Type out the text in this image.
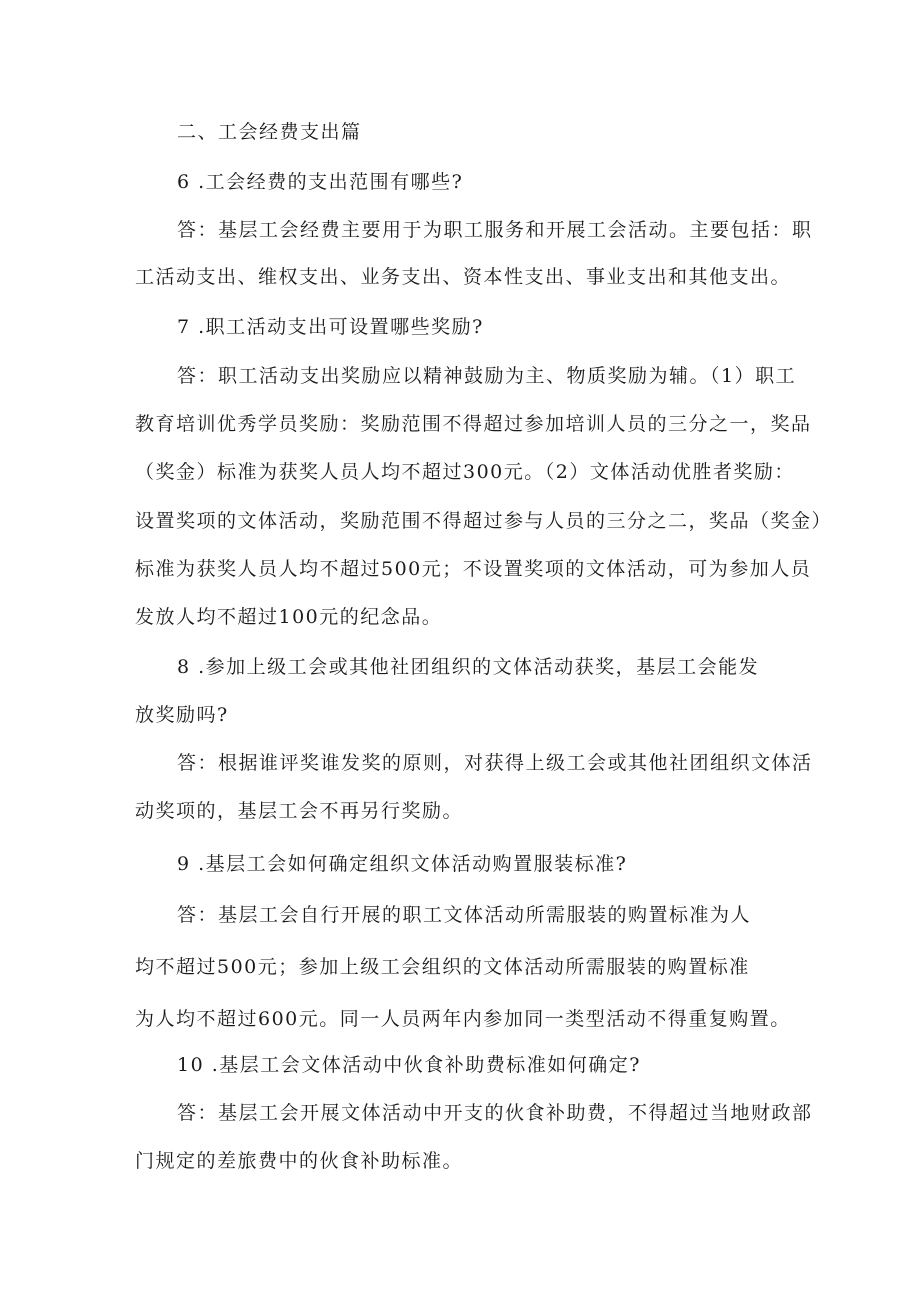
二、工会经费支出篇
6 .工会经费的支出范围有哪些?
答：基层工会经费主要用于为职工服务和开展工会活动。主要包括：职
工活动支出、维权支出、业务支出、资本性支出、事业支出和其他支出。
7 .职工活动支出可设置哪些奖励?
答：职工活动支出奖励应以精神鼓励为主、物质奖励为辅。（1）职工
教育培训优秀学员奖励：奖励范围不得超过参加培训人员的三分之一，奖品
（奖金）标准为获奖人员人均不超过300元。（2）文体活动优胜者奖励：
设置奖项的文体活动，奖励范围不得超过参与人员的三分之二，奖品（奖金）
标准为获奖人员人均不超过500元；不设置奖项的文体活动，可为参加人员
发放人均不超过100元的纪念品。
8 .参加上级工会或其他社团组织的文体活动获奖，基层工会能发
放奖励吗?
答：根据谁评奖谁发奖的原则，对获得上级工会或其他社团组织文体活
动奖项的，基层工会不再另行奖励。
9 .基层工会如何确定组织文体活动购置服装标准?
答：基层工会自行开展的职工文体活动所需服装的购置标准为人
均不超过500元；参加上级工会组织的文体活动所需服装的购置标准
为人均不超过600元。同一人员两年内参加同一类型活动不得重复购置。
10 .基层工会文体活动中伙食补助费标准如何确定?
答：基层工会开展文体活动中开支的伙食补助费，不得超过当地财政部
门规定的差旅费中的伙食补助标准。
